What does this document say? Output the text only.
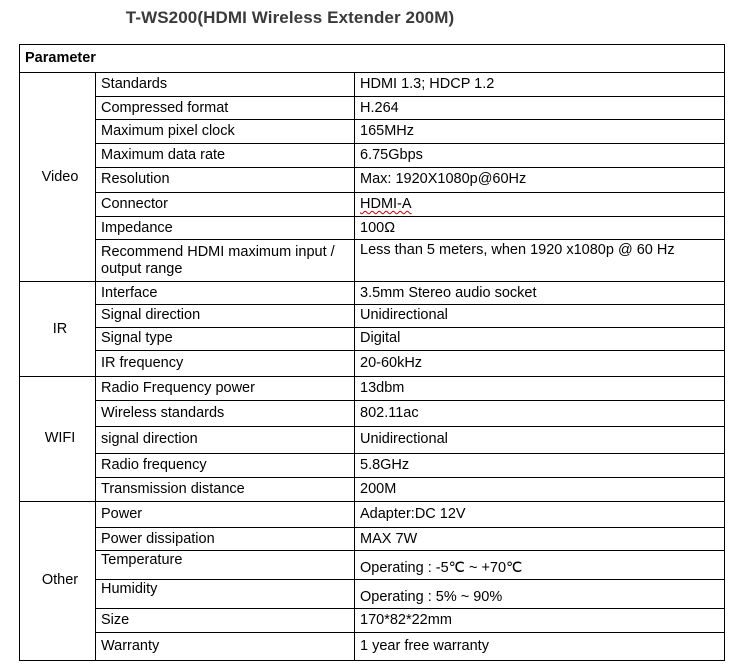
T-WS200(HDMI Wireless Extender 200M)
Parameter		
Video	Standards	HDMI 1.3; HDCP 1.2
	Compressed format	H.264
	Maximum pixel clock	165MHz
	Maximum data rate	6.75Gbps
	Resolution	Max: 1920X1080p@60Hz
	Connector	HDMI-A
	Impedance	100Ω
	Recommend HDMI maximum input / output range	Less than 5 meters, when 1920 x1080p @ 60 Hz
IR	Interface	3.5mm Stereo audio socket
	Signal direction	Unidirectional
	Signal type	Digital
	IR frequency	20-60kHz
WIFI	Radio Frequency power	13dbm
	Wireless standards	802.11ac
	signal direction	Unidirectional
	Radio frequency	5.8GHz
	Transmission distance	200M
Other	Power	Adapter:DC 12V
	Power dissipation	MAX 7W
	Temperature	Operating : -5℃ ~ +70℃
	Humidity	Operating : 5% ~ 90%
	Size	170*82*22mm
	Warranty	1 year free warranty
